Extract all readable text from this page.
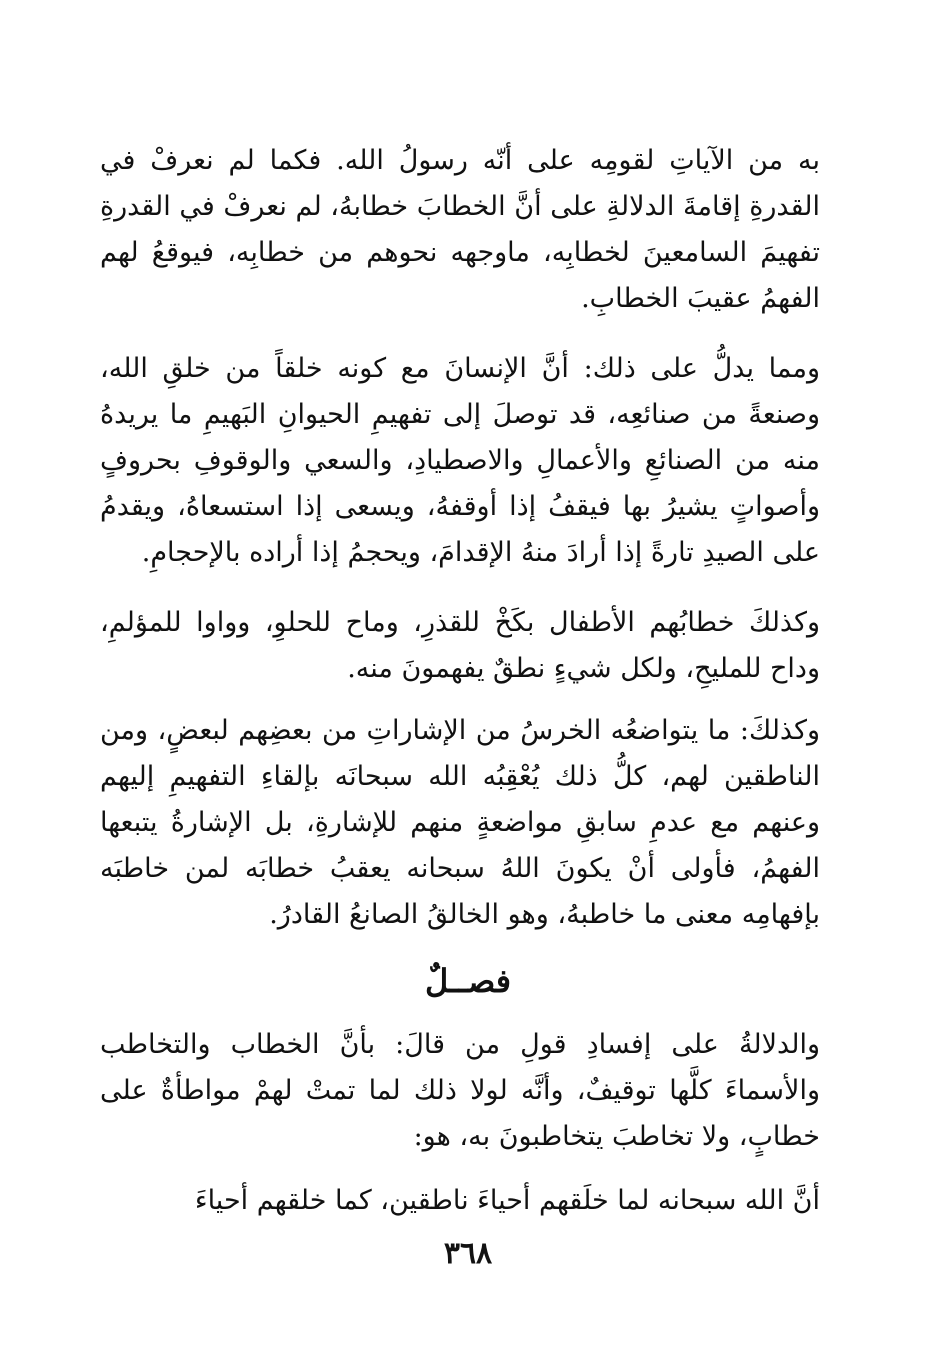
به من الآياتِ لقومِه على أنّه رسولُ الله. فكما لم نعرفْ في القدرةِ إقامةَ الدلالةِ على أنَّ الخطابَ خطابهُ، لم نعرفْ في القدرةِ تفهيمَ السامعينَ لخطابِه، ماوجهه نحوهم من خطابِه، فيوقعُ لهم الفهمُ عقيبَ الخطابِ.
ومما يدلُّ على ذلك: أنَّ الإنسانَ مع كونه خلقاً من خلقِ الله، وصنعةً من صنائعِه، قد توصلَ إلى تفهيمِ الحيوانِ البَهيمِ ما يريدهُ منه من الصنائعِ والأعمالِ والاصطيادِ، والسعي والوقوفِ بحروفٍ وأصواتٍ يشيرُ بها فيقفُ إذا أوقفهُ، ويسعى إذا استسعاهُ، ويقدمُ على الصيدِ تارةً إذا أرادَ منهُ الإقدامَ، ويحجمُ إذا أراده بالإحجامِ.
وكذلكَ خطابُهم الأطفال بكَخْ للقذرِ، وماح للحلوِ، وواوا للمؤلمِ، وداح للمليحِ، ولكل شيءٍ نطقٌ يفهمونَ منه.
وكذلكَ: ما يتواضعُه الخرسُ من الإشاراتِ من بعضِهم لبعضٍ، ومن الناطقين لهم، كلُّ ذلك يُعْقِبُه الله سبحانَه بإلقاءِ التفهيمِ إليهم وعنهم مع عدمِ سابقِ مواضعةٍ منهم للإشارةِ، بل الإشارةُ يتبعها الفهمُ، فأولى أنْ يكونَ اللهُ سبحانه يعقبُ خطابَه لمن خاطبَه بإفهامِه معنى ما خاطبهُ، وهو الخالقُ الصانعُ القادرُ.
فصــلٌ
والدلالةُ على إفسادِ قولِ من قالَ: بأنَّ الخطاب والتخاطب والأسماءَ كلَّها توقيفٌ، وأنَّه لولا ذلك لما تمتْ لهمْ مواطأةٌ على خطابٍ، ولا تخاطبَ يتخاطبونَ به، هو:
أنَّ الله سبحانه لما خلَقهم أحياءَ ناطقين، كما خلقهم أحياءَ
٣٦٨
